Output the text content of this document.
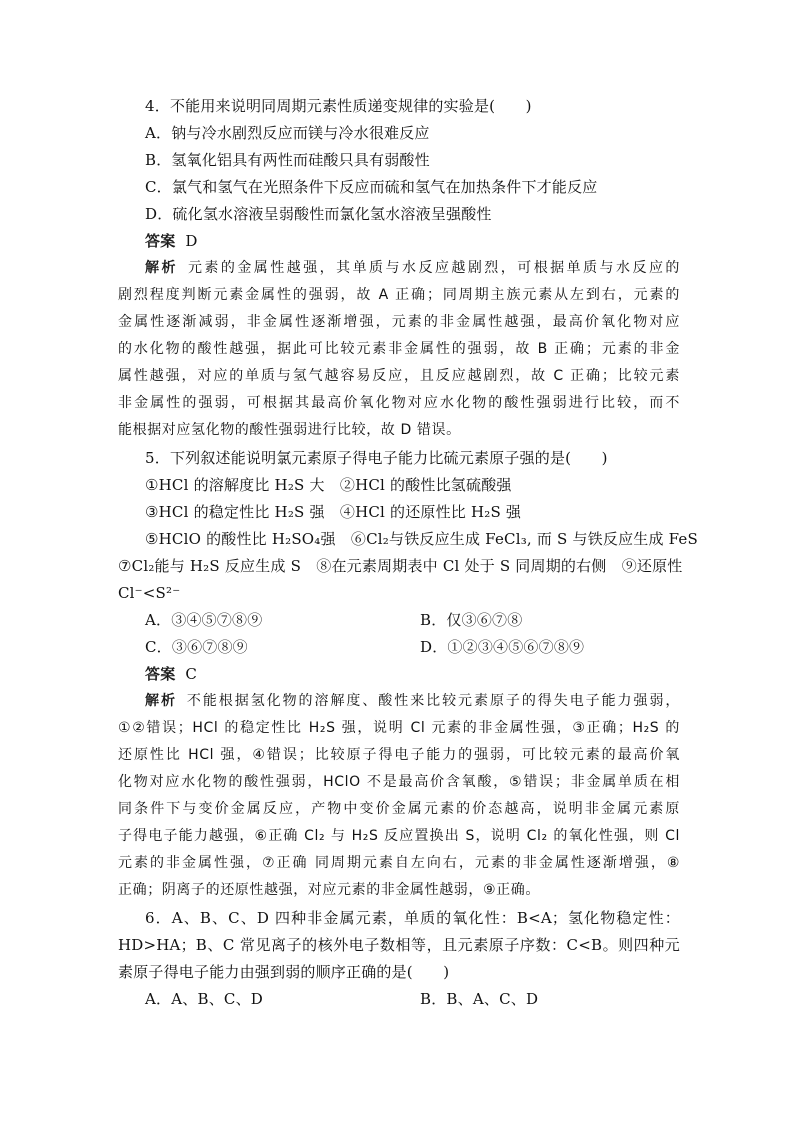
4．不能用来说明同周期元素性质递变规律的实验是(　　)
A．钠与冷水剧烈反应而镁与冷水很难反应
B．氢氧化铝具有两性而硅酸只具有弱酸性
C．氯气和氢气在光照条件下反应而硫和氢气在加热条件下才能反应
D．硫化氢水溶液呈弱酸性而氯化氢水溶液呈强酸性
答案 D
解析 元素的金属性越强，其单质与水反应越剧烈，可根据单质与水反应的
剧烈程度判断元素金属性的强弱，故 A 正确；同周期主族元素从左到右，元素的
金属性逐渐减弱，非金属性逐渐增强，元素的非金属性越强，最高价氧化物对应
的水化物的酸性越强，据此可比较元素非金属性的强弱，故 B 正确；元素的非金
属性越强，对应的单质与氢气越容易反应，且反应越剧烈，故 C 正确；比较元素
非金属性的强弱，可根据其最高价氧化物对应水化物的酸性强弱进行比较，而不
能根据对应氢化物的酸性强弱进行比较，故 D 错误。
5．下列叙述能说明氯元素原子得电子能力比硫元素原子强的是(　　)
①HCl 的溶解度比 H₂S 大　②HCl 的酸性比氢硫酸强
③HCl 的稳定性比 H₂S 强　④HCl 的还原性比 H₂S 强
⑤HClO 的酸性比 H₂SO₄强　⑥Cl₂与铁反应生成 FeCl₃, 而 S 与铁反应生成 FeS
⑦Cl₂能与 H₂S 反应生成 S　⑧在元素周期表中 Cl 处于 S 同周期的右侧　⑨还原性
Cl⁻<S²⁻
A．③④⑤⑦⑧⑨	B．仅③⑥⑦⑧
C．③⑥⑦⑧⑨	D．①②③④⑤⑥⑦⑧⑨
答案 C
解析 不能根据氢化物的溶解度、酸性来比较元素原子的得失电子能力强弱，
①②错误；HCl 的稳定性比 H₂S 强，说明 Cl 元素的非金属性强，③正确；H₂S 的
还原性比 HCl 强，④错误；比较原子得电子能力的强弱，可比较元素的最高价氧
化物对应水化物的酸性强弱，HClO 不是最高价含氧酸，⑤错误；非金属单质在相
同条件下与变价金属反应，产物中变价金属元素的价态越高，说明非金属元素原
子得电子能力越强，⑥正确 Cl₂ 与 H₂S 反应置换出 S，说明 Cl₂ 的氧化性强，则 Cl
元素的非金属性强，⑦正确 同周期元素自左向右，元素的非金属性逐渐增强，⑧
正确；阴离子的还原性越强，对应元素的非金属性越弱，⑨正确。
6．A、B、C、D 四种非金属元素，单质的氧化性：B<A；氢化物稳定性：
HD>HA；B、C 常见离子的核外电子数相等，且元素原子序数：C<B。则四种元
素原子得电子能力由强到弱的顺序正确的是(　　)
A．A、B、C、D	B．B、A、C、D
